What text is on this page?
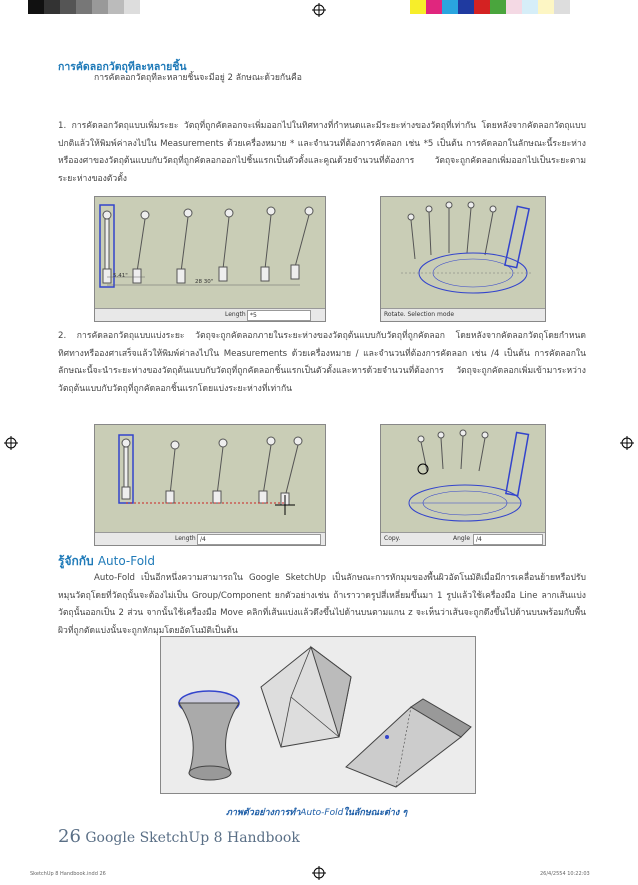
การคัดลอกวัตถุทีละหลายชิ้น
การคัดลอกวัตถุทีละหลายชิ้นจะมีอยู่ 2 ลักษณะด้วยกันคือ
1. การคัดลอกวัตถุแบบเพิ่มระยะ วัตถุที่ถูกคัดลอกจะเพิ่มออกไปในทิศทางที่กำหนดและมีระยะห่างของวัตถุที่เท่ากัน โดยหลังจากคัดลอกวัตถุแบบปกติแล้วให้พิมพ์ค่าลงไปใน Measurements ด้วยเครื่องหมาย * และจำนวนที่ต้องการคัดลอก เช่น *5 เป็นต้น การคัดลอกในลักษณะนี้ระยะห่างหรือองศาของวัตถุต้นแบบกับวัตถุที่ถูกคัดลอกออกไปชิ้นแรกเป็นตัวตั้งและคูณด้วยจำนวนที่ต้องการ วัตถุจะถูกคัดลอกเพิ่มออกไปเป็นระยะตามระยะห่างของตัวตั้ง
5.41"
28 30"
Length *5	Rotate. Selection mode
2. การคัดลอกวัตถุแบบแบ่งระยะ วัตถุจะถูกคัดลอกภายในระยะห่างของวัตถุต้นแบบกับวัตถุที่ถูกคัดลอก โดยหลังจากคัดลอกวัตถุโดยกำหนดทิศทางหรือองศาเสร็จแล้วให้พิมพ์ค่าลงไปใน Measurements ด้วยเครื่องหมาย / และจำนวนที่ต้องการคัดลอก เช่น /4 เป็นต้น การคัดลอกในลักษณะนี้จะนำระยะห่างของวัตถุต้นแบบกับวัตถุที่ถูกคัดลอกชิ้นแรกเป็นตัวตั้งและหารด้วยจำนวนที่ต้องการ วัตถุจะถูกคัดลอกเพิ่มเข้ามาระหว่างวัตถุต้นแบบกับวัตถุที่ถูกคัดลอกชิ้นแรกโดยแบ่งระยะห่างที่เท่ากัน
Length /4	Copy.	Angle /4
รู้จักกับ Auto-Fold
Auto-Fold เป็นอีกหนึ่งความสามารถใน Google SketchUp เป็นลักษณะการหักมุมของพื้นผิวอัตโนมัติเมื่อมีการเคลื่อนย้ายหรือปรับหมุนวัตถุโดยที่วัตถุนั้นจะต้องไม่เป็น Group/Component ยกตัวอย่างเช่น ถ้าเราวาดรูปสี่เหลี่ยมขึ้นมา 1 รูปแล้วใช้เครื่องมือ Line ลากเส้นแบ่งวัตถุนั้นออกเป็น 2 ส่วน จากนั้นใช้เครื่องมือ Move คลิกที่เส้นแบ่งแล้วดึงขึ้นไปด้านบนตามแกน z จะเห็นว่าเส้นจะถูกดึงขึ้นไปด้านบนพร้อมกับพื้นผิวที่ถูกตัดแบ่งนั้นจะถูกหักมุมโดยอัตโนมัติเป็นต้น
ภาพตัวอย่างการทำAuto-Foldในลักษณะต่าง ๆ
26 Google SketchUp 8 Handbook
SketchUp 8 Handbook.indd 26	26/4/2554 10:22:03
